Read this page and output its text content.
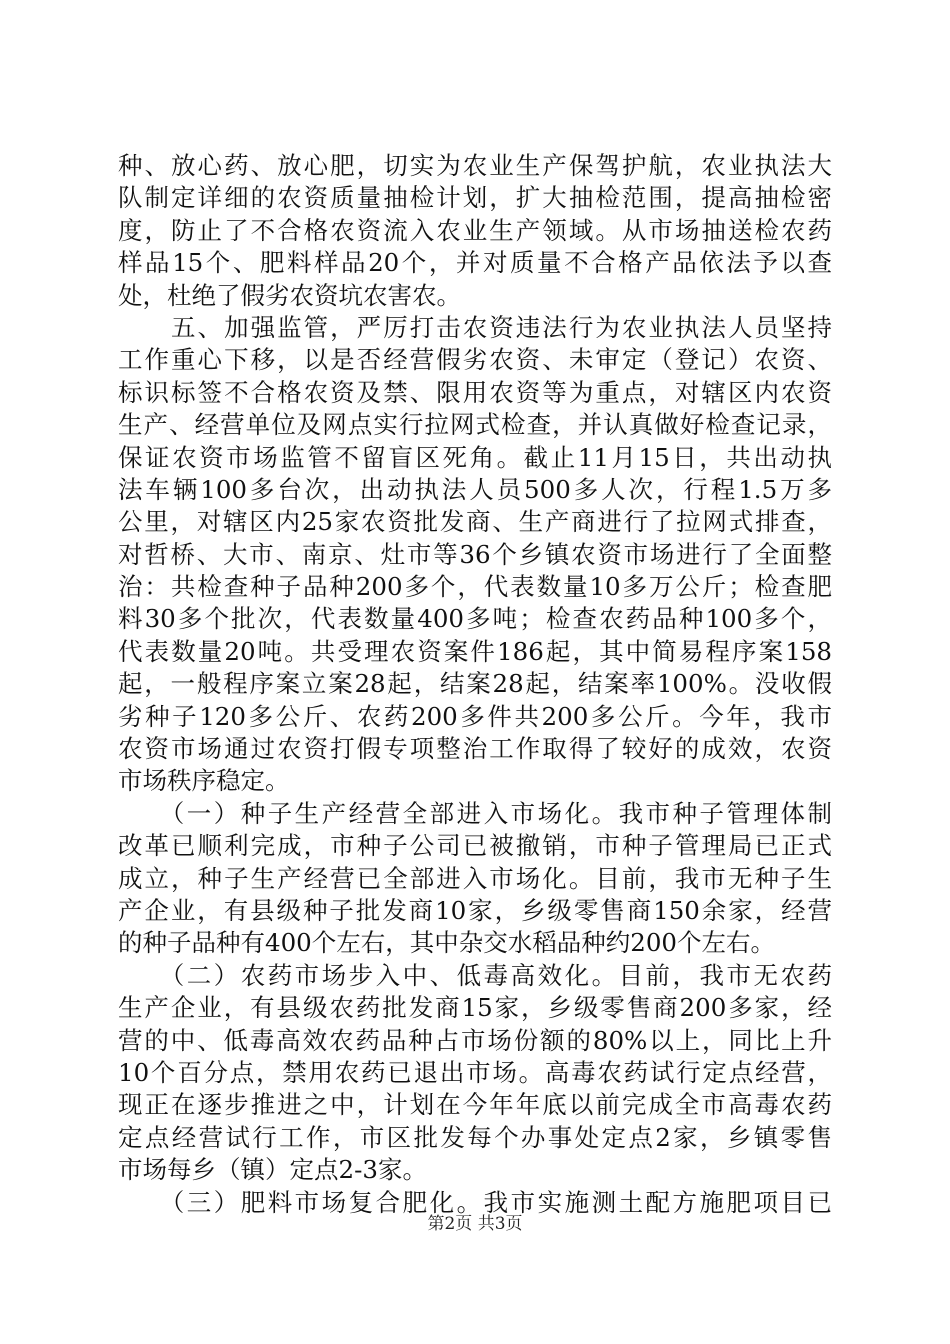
种、放心药、放心肥，切实为农业生产保驾护航，农业执法大
队制定详细的农资质量抽检计划，扩大抽检范围，提高抽检密
度，防止了不合格农资流入农业生产领域。从市场抽送检农药
样品15个、肥料样品20个，并对质量不合格产品依法予以查
处，杜绝了假劣农资坑农害农。
　　五、加强监管，严厉打击农资违法行为农业执法人员坚持
工作重心下移，以是否经营假劣农资、未审定（登记）农资、
标识标签不合格农资及禁、限用农资等为重点，对辖区内农资
生产、经营单位及网点实行拉网式检查，并认真做好检查记录，
保证农资市场监管不留盲区死角。截止11月15日，共出动执
法车辆100多台次，出动执法人员500多人次，行程1.5万多
公里，对辖区内25家农资批发商、生产商进行了拉网式排查，
对哲桥、大市、南京、灶市等36个乡镇农资市场进行了全面整
治：共检查种子品种200多个，代表数量10多万公斤；检查肥
料30多个批次，代表数量400多吨；检查农药品种100多个，
代表数量20吨。共受理农资案件186起，其中简易程序案158
起，一般程序案立案28起，结案28起，结案率100%。没收假
劣种子120多公斤、农药200多件共200多公斤。今年，我市
农资市场通过农资打假专项整治工作取得了较好的成效，农资
市场秩序稳定。
　　（一）种子生产经营全部进入市场化。我市种子管理体制
改革已顺利完成，市种子公司已被撤销，市种子管理局已正式
成立，种子生产经营已全部进入市场化。目前，我市无种子生
产企业，有县级种子批发商10家，乡级零售商150余家，经营
的种子品种有400个左右，其中杂交水稻品种约200个左右。
　　（二）农药市场步入中、低毒高效化。目前，我市无农药
生产企业，有县级农药批发商15家，乡级零售商200多家，经
营的中、低毒高效农药品种占市场份额的80%以上，同比上升
10个百分点，禁用农药已退出市场。高毒农药试行定点经营，
现正在逐步推进之中，计划在今年年底以前完成全市高毒农药
定点经营试行工作，市区批发每个办事处定点2家，乡镇零售
市场每乡（镇）定点2-3家。
　　（三）肥料市场复合肥化。我市实施测土配方施肥项目已
第2页 共3页
